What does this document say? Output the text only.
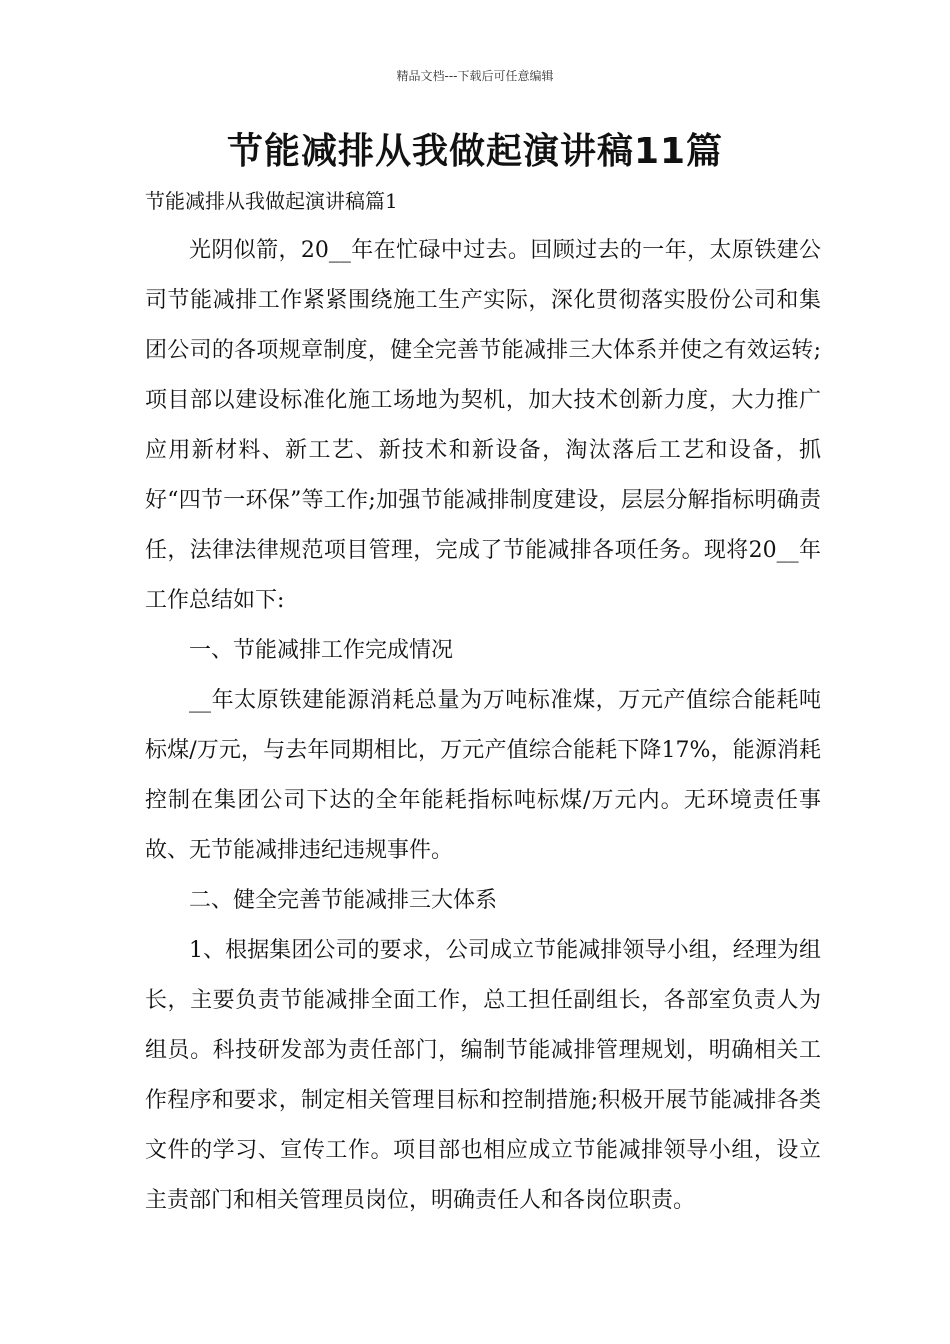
精品文档---下载后可任意编辑
节能减排从我做起演讲稿11篇

节能减排从我做起演讲稿篇1

光阴似箭，20__年在忙碌中过去。回顾过去的一年，太原铁建公司节能减排工作紧紧围绕施工生产实际，深化贯彻落实股份公司和集团公司的各项规章制度，健全完善节能减排三大体系并使之有效运转;项目部以建设标准化施工场地为契机，加大技术创新力度，大力推广应用新材料、新工艺、新技术和新设备，淘汰落后工艺和设备，抓好“四节一环保”等工作;加强节能减排制度建设，层层分解指标明确责任，法律法律规范项目管理，完成了节能减排各项任务。现将20__年工作总结如下:

一、节能减排工作完成情况

__年太原铁建能源消耗总量为万吨标准煤，万元产值综合能耗吨标煤/万元，与去年同期相比，万元产值综合能耗下降17%，能源消耗控制在集团公司下达的全年能耗指标吨标煤/万元内。无环境责任事故、无节能减排违纪违规事件。

二、健全完善节能减排三大体系

1、根据集团公司的要求，公司成立节能减排领导小组，经理为组长，主要负责节能减排全面工作，总工担任副组长，各部室负责人为组员。科技研发部为责任部门，编制节能减排管理规划，明确相关工作程序和要求，制定相关管理目标和控制措施;积极开展节能减排各类文件的学习、宣传工作。项目部也相应成立节能减排领导小组，设立主责部门和相关管理员岗位，明确责任人和各岗位职责。
